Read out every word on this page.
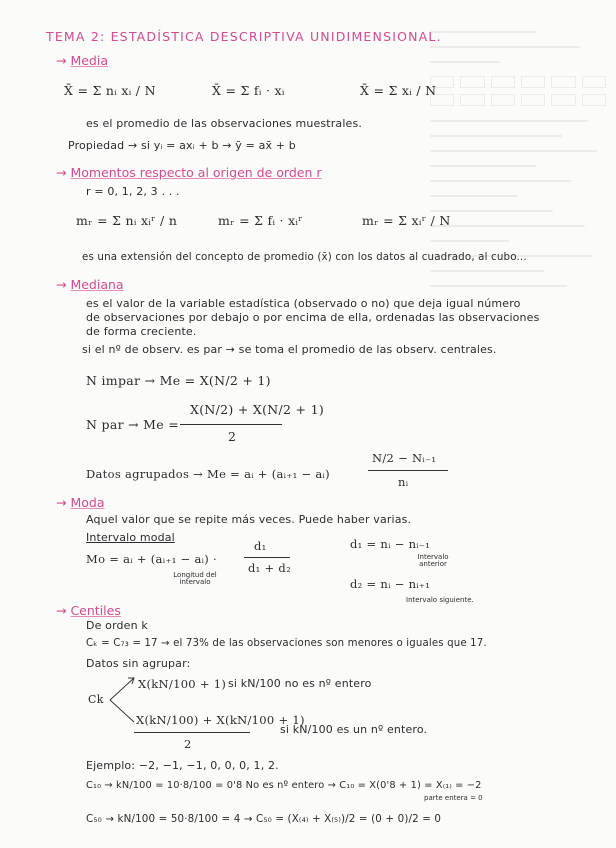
TEMA 2: ESTADÍSTICA DESCRIPTIVA UNIDIMENSIONAL.
→ Media
X̄ = Σ nᵢ xᵢ / N	X̄ = Σ fᵢ · xᵢ	X̄ = Σ xᵢ / N
es el promedio de las observaciones muestrales.
Propiedad → si yᵢ = axᵢ + b → ȳ = ax̄ + b
→ Momentos respecto al origen de orden r
r = 0, 1, 2, 3 . . .
mᵣ = Σ nᵢ xᵢʳ / n	mᵣ = Σ fᵢ · xᵢʳ	mᵣ = Σ xᵢʳ / N
es una extensión del concepto de promedio (x̄) con los datos al cuadrado, al cubo...
→ Mediana
es el valor de la variable estadística (observado o no) que deja igual número
de observaciones por debajo o por encima de ella, ordenadas las observaciones
de forma creciente.
si el nº de observ. es par → se toma el promedio de las observ. centrales.
N impar → Me = X(N/2 + 1)
N par → Me =
X(N/2) + X(N/2 + 1)
2
Datos agrupados → Me = aᵢ + (aᵢ₊₁ − aᵢ)
N/2 − Nᵢ₋₁
nᵢ
→ Moda
Aquel valor que se repite más veces. Puede haber varias.
Intervalo modal
Mo = aᵢ + (aᵢ₊₁ − aᵢ) ·
d₁
d₁ + d₂
Longitud del intervalo
d₁ = nᵢ − nᵢ₋₁
Intervalo anterior
d₂ = nᵢ − nᵢ₊₁
Intervalo siguiente.
→ Centiles
De orden k
Cₖ = C₇₃ = 17 → el 73% de las observaciones son menores o iguales que 17.
Datos sin agrupar:
Ck
X(kN/100 + 1) si kN/100 no es nº entero
X(kN/100) + X(kN/100 + 1)
2
si kN/100 es un nº entero.
Ejemplo: −2, −1, −1, 0, 0, 0, 1, 2.
C₁₀ → kN/100 = 10·8/100 = 0'8 No es nº entero → C₁₀ = X(0'8 + 1) = X₍₁₎ = −2
parte entera = 0
C₅₀ → kN/100 = 50·8/100 = 4 → C₅₀ = (X₍₄₎ + X₍₅₎)/2 = (0 + 0)/2 = 0
